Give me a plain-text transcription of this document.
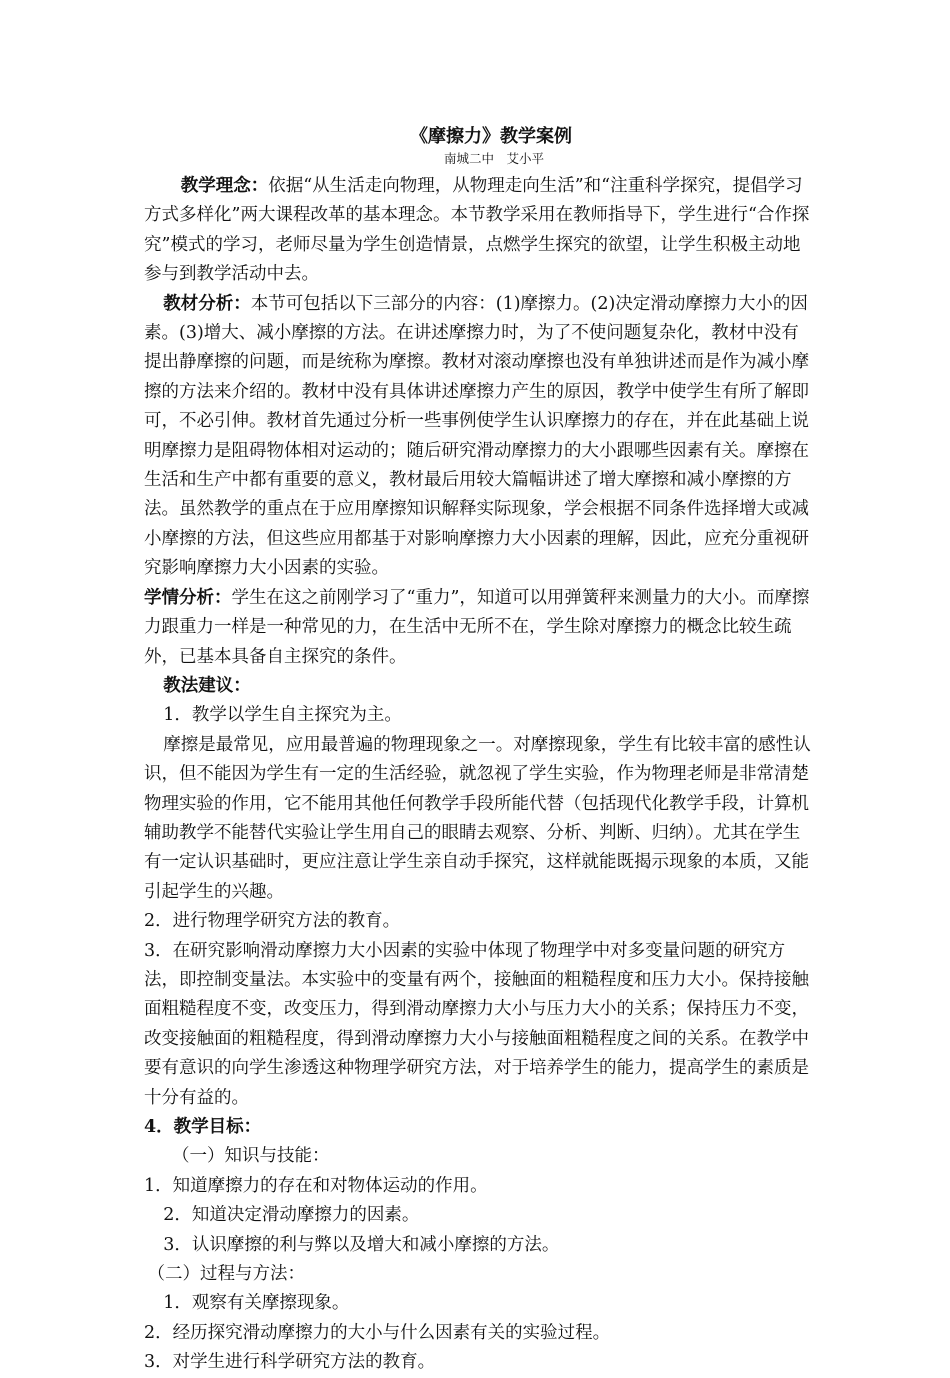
《摩擦力》教学案例
南城二中　艾小平

教学理念：依据“从生活走向物理，从物理走向生活”和“注重科学探究，提倡学习方式多样化”两大课程改革的基本理念。本节教学采用在教师指导下，学生进行“合作探究”模式的学习，老师尽量为学生创造情景，点燃学生探究的欲望，让学生积极主动地参与到教学活动中去。

教材分析：本节可包括以下三部分的内容：(1)摩擦力。(2)决定滑动摩擦力大小的因素。(3)增大、减小摩擦的方法。在讲述摩擦力时，为了不使问题复杂化，教材中没有提出静摩擦的问题，而是统称为摩擦。教材对滚动摩擦也没有单独讲述而是作为减小摩擦的方法来介绍的。教材中没有具体讲述摩擦力产生的原因，教学中使学生有所了解即可，不必引伸。教材首先通过分析一些事例使学生认识摩擦力的存在，并在此基础上说明摩擦力是阻碍物体相对运动的；随后研究滑动摩擦力的大小跟哪些因素有关。摩擦在生活和生产中都有重要的意义，教材最后用较大篇幅讲述了增大摩擦和减小摩擦的方法。虽然教学的重点在于应用摩擦知识解释实际现象，学会根据不同条件选择增大或减小摩擦的方法，但这些应用都基于对影响摩擦力大小因素的理解，因此，应充分重视研究影响摩擦力大小因素的实验。

学情分析：学生在这之前刚学习了“重力”，知道可以用弹簧秤来测量力的大小。而摩擦力跟重力一样是一种常见的力，在生活中无所不在，学生除对摩擦力的概念比较生疏外，已基本具备自主探究的条件。

教法建议：

1．教学以学生自主探究为主。

摩擦是最常见，应用最普遍的物理现象之一。对摩擦现象，学生有比较丰富的感性认识，但不能因为学生有一定的生活经验，就忽视了学生实验，作为物理老师是非常清楚物理实验的作用，它不能用其他任何教学手段所能代替（包括现代化教学手段，计算机辅助教学不能替代实验让学生用自己的眼睛去观察、分析、判断、归纳）。尤其在学生有一定认识基础时，更应注意让学生亲自动手探究，这样就能既揭示现象的本质，又能引起学生的兴趣。

2．进行物理学研究方法的教育。

3．在研究影响滑动摩擦力大小因素的实验中体现了物理学中对多变量问题的研究方法，即控制变量法。本实验中的变量有两个，接触面的粗糙程度和压力大小。保持接触面粗糙程度不变，改变压力，得到滑动摩擦力大小与压力大小的关系；保持压力不变，改变接触面的粗糙程度，得到滑动摩擦力大小与接触面粗糙程度之间的关系。在教学中要有意识的向学生渗透这种物理学研究方法，对于培养学生的能力，提高学生的素质是十分有益的。

4．教学目标：

（一）知识与技能：

1．知道摩擦力的存在和对物体运动的作用。

2．知道决定滑动摩擦力的因素。

3．认识摩擦的利与弊以及增大和减小摩擦的方法。

（二）过程与方法：

1．观察有关摩擦现象。

2．经历探究滑动摩擦力的大小与什么因素有关的实验过程。

3．对学生进行科学研究方法的教育。
